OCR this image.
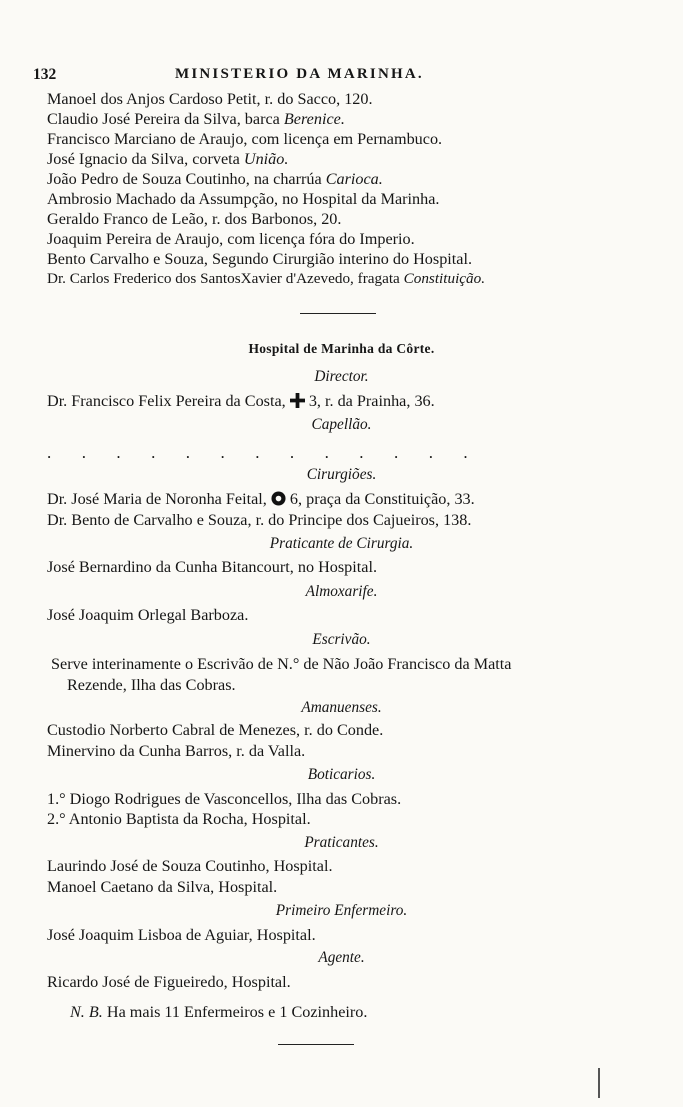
132	MINISTERIO DA MARINHA.
Manoel dos Anjos Cardoso Petit, r. do Sacco, 120.
Claudio José Pereira da Silva, barca Berenice.
Francisco Marciano de Araujo, com licença em Pernambuco.
José Ignacio da Silva, corveta União.
João Pedro de Souza Coutinho, na charrúa Carioca.
Ambrosio Machado da Assumpção, no Hospital da Marinha.
Geraldo Franco de Leão, r. dos Barbonos, 20.
Joaquim Pereira de Araujo, com licença fóra do Imperio.
Bento Carvalho e Souza, Segundo Cirurgião interino do Hospital.
Dr. Carlos Frederico dos SantosXavier d'Azevedo, fragata Constituição.
Hospital de Marinha da Côrte.
Director.
Dr. Francisco Felix Pereira da Costa,  3, r. da Prainha, 36.
Capellão.
. . . . . . . . . . . . .
Cirurgiões.
Dr. José Maria de Noronha Feital,  6, praça da Constituição, 33.
Dr. Bento de Carvalho e Souza, r. do Principe dos Cajueiros, 138.
Praticante de Cirurgia.
José Bernardino da Cunha Bitancourt, no Hospital.
Almoxarife.
José Joaquim Orlegal Barboza.
Escrivão.
Serve interinamente o Escrivão de N.° de Não João Francisco da Matta
Rezende, Ilha das Cobras.
Amanuenses.
Custodio Norberto Cabral de Menezes, r. do Conde.
Minervino da Cunha Barros, r. da Valla.
Boticarios.
1.° Diogo Rodrigues de Vasconcellos, Ilha das Cobras.
2.° Antonio Baptista da Rocha, Hospital.
Praticantes.
Laurindo José de Souza Coutinho, Hospital.
Manoel Caetano da Silva, Hospital.
Primeiro Enfermeiro.
José Joaquim Lisboa de Aguiar, Hospital.
Agente.
Ricardo José de Figueiredo, Hospital.
N. B. Ha mais 11 Enfermeiros e 1 Cozinheiro.
